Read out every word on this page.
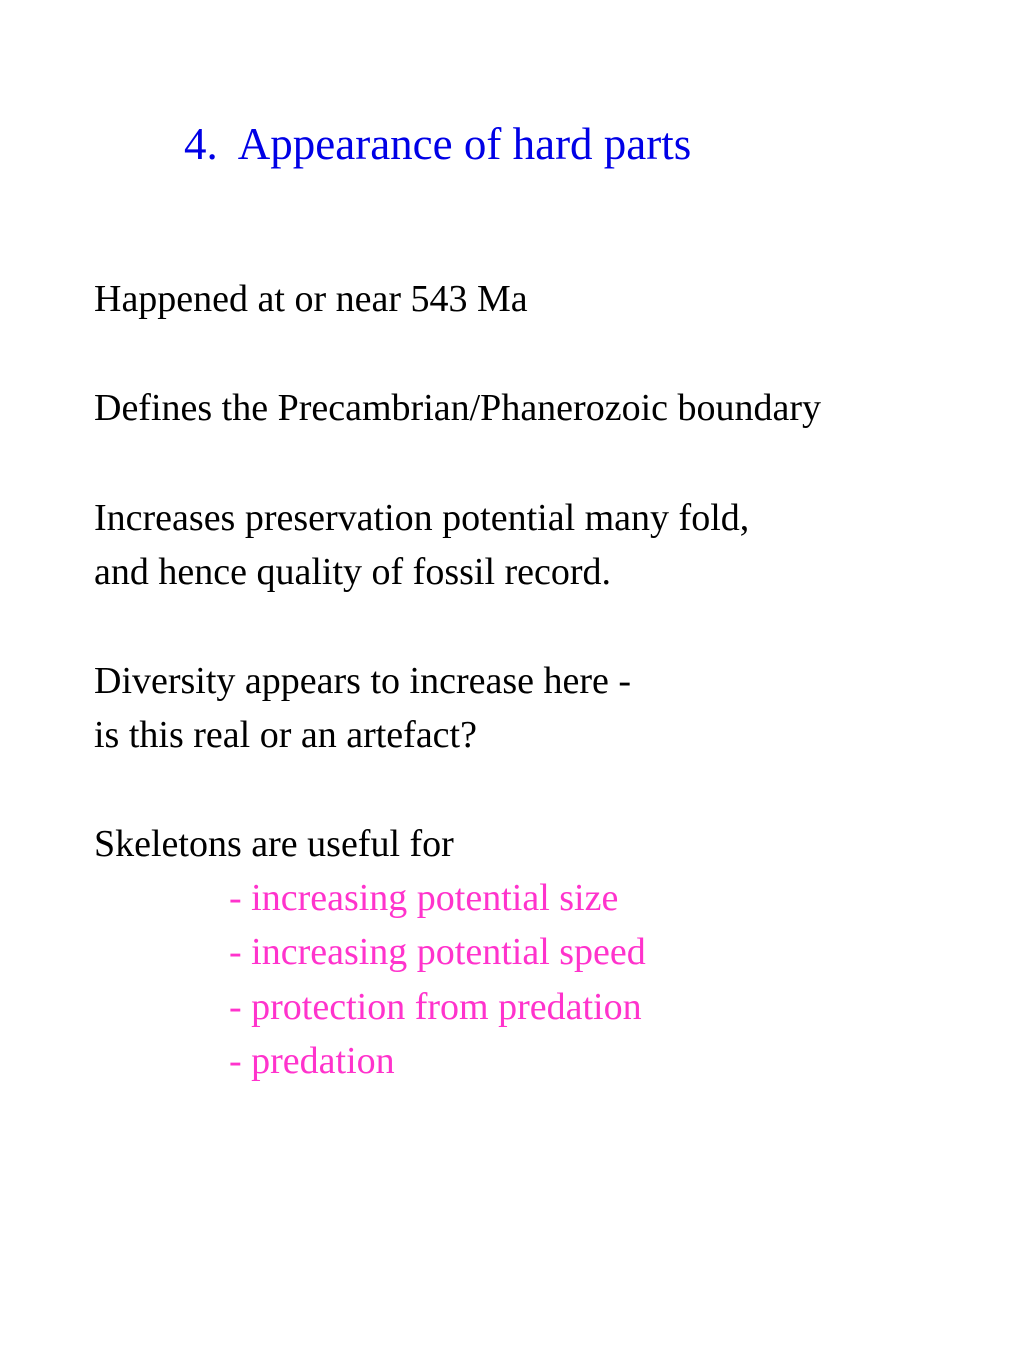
4.  Appearance of hard parts

Happened at or near 543 Ma

Defines the Precambrian/Phanerozoic boundary

Increases preservation potential many fold,

and hence quality of fossil record.

Diversity appears to increase here -

is this real or an artefact?

Skeletons are useful for

- increasing potential size

- increasing potential speed

- protection from predation

- predation
